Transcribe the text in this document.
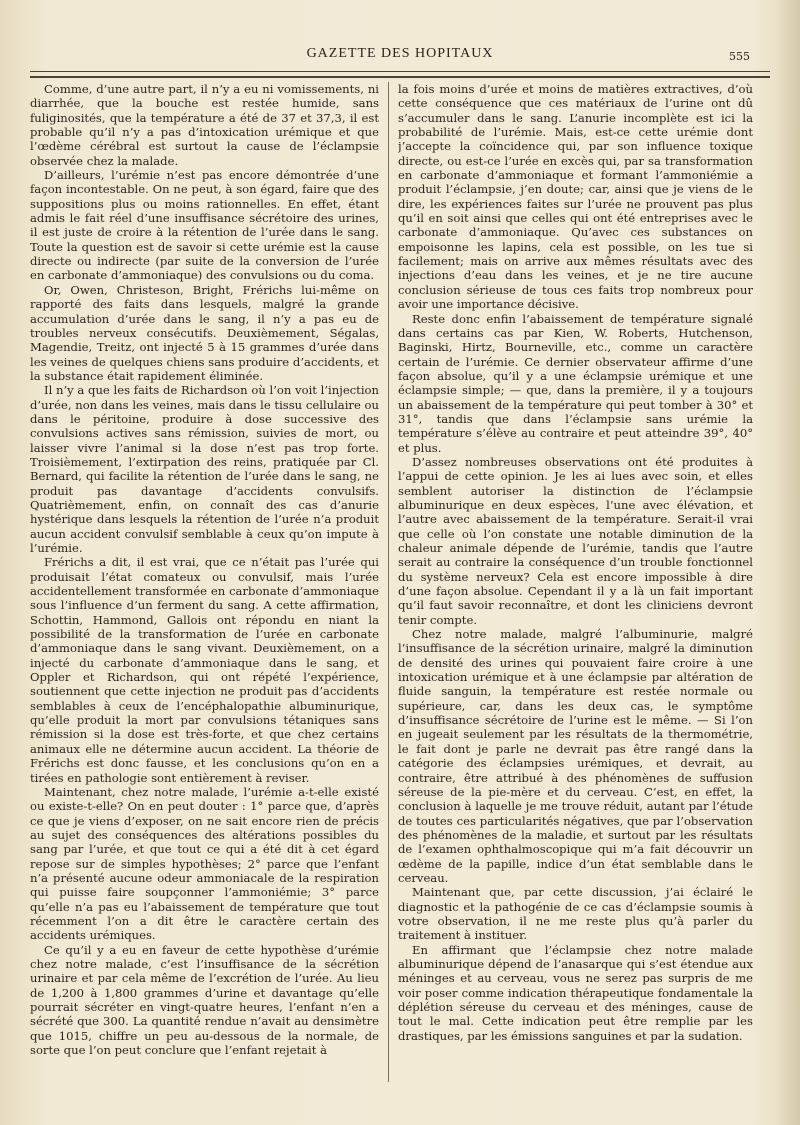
GAZETTE DES HOPITAUX	555

Comme, d’une autre part, il n’y a eu ni vomissements, ni diarrhée, que la bouche est restée humide, sans fuliginosités, que la température a été de 37 et 37,3, il est probable qu’il n’y a pas d’intoxication urémique et que l’œdème cérébral est surtout la cause de l’éclampsie observée chez la malade.

D’ailleurs, l’urémie n’est pas encore démontrée d’une façon incontestable. On ne peut, à son égard, faire que des suppositions plus ou moins rationnelles. En effet, étant admis le fait réel d’une insuffisance sécrétoire des urines, il est juste de croire à la rétention de l’urée dans le sang. Toute la question est de savoir si cette urémie est la cause directe ou indirecte (par suite de la conversion de l’urée en carbonate d’ammoniaque) des convulsions ou du coma.

Or, Owen, Christeson, Bright, Frérichs lui-même on rapporté des faits dans lesquels, malgré la grande accumulation d’urée dans le sang, il n’y a pas eu de troubles nerveux consécutifs. Deuxièmement, Ségalas, Magendie, Treitz, ont injecté 5 à 15 grammes d’urée dans les veines de quelques chiens sans produire d’accidents, et la substance était rapidement éliminée.

Il n’y a que les faits de Richardson où l’on voit l’injection d’urée, non dans les veines, mais dans le tissu cellulaire ou dans le péritoine, produire à dose successive des convulsions actives sans rémission, suivies de mort, ou laisser vivre l’animal si la dose n’est pas trop forte. Troisièmement, l’extirpation des reins, pratiquée par Cl. Bernard, qui facilite la rétention de l’urée dans le sang, ne produit pas davantage d’accidents convulsifs. Quatrièmement, enfin, on connaît des cas d’anurie hystérique dans lesquels la rétention de l’urée n’a produit aucun accident convulsif semblable à ceux qu’on impute à l’urémie.

Frérichs a dit, il est vrai, que ce n’était pas l’urée qui produisait l’état comateux ou convulsif, mais l’urée accidentellement transformée en carbonate d’ammoniaque sous l’influence d’un ferment du sang. A cette affirmation, Schottin, Hammond, Gallois ont répondu en niant la possibilité de la transformation de l’urée en carbonate d’ammoniaque dans le sang vivant. Deuxièmement, on a injecté du carbonate d’ammoniaque dans le sang, et Oppler et Richardson, qui ont répété l’expérience, soutiennent que cette injection ne produit pas d’accidents semblables à ceux de l’encéphalopathie albuminurique, qu’elle produit la mort par convulsions tétaniques sans rémission si la dose est très-forte, et que chez certains animaux elle ne détermine aucun accident. La théorie de Frérichs est donc fausse, et les conclusions qu’on en a tirées en pathologie sont entièrement à reviser.

Maintenant, chez notre malade, l’urémie a-t-elle existé ou existe-t-elle? On en peut douter : 1° parce que, d’après ce que je viens d’exposer, on ne sait encore rien de précis au sujet des conséquences des altérations possibles du sang par l’urée, et que tout ce qui a été dit à cet égard repose sur de simples hypothèses; 2° parce que l’enfant n’a présenté aucune odeur ammoniacale de la respiration qui puisse faire soupçonner l’ammoniémie; 3° parce qu’elle n’a pas eu l’abaissement de température que tout récemment l’on a dit être le caractère certain des accidents urémiques.

Ce qu’il y a eu en faveur de cette hypothèse d’urémie chez notre malade, c’est l’insuffisance de la sécrétion urinaire et par cela même de l’excrétion de l’urée. Au lieu de 1,200 à 1,800 grammes d’urine et davantage qu’elle pourrait sécréter en vingt-quatre heures, l’enfant n’en a sécrété que 300. La quantité rendue n’avait au densimètre que 1015, chiffre un peu au-dessous de la normale, de sorte que l’on peut conclure que l’enfant rejetait à

la fois moins d’urée et moins de matières extractives, d’où cette conséquence que ces matériaux de l’urine ont dû s’accumuler dans le sang. L’anurie incomplète est ici la probabilité de l’urémie. Mais, est-ce cette urémie dont j’accepte la coïncidence qui, par son influence toxique directe, ou est-ce l’urée en excès qui, par sa transformation en carbonate d’ammoniaque et formant l’ammoniémie a produit l’éclampsie, j’en doute; car, ainsi que je viens de le dire, les expériences faites sur l’urée ne prouvent pas plus qu’il en soit ainsi que celles qui ont été entreprises avec le carbonate d’ammoniaque. Qu’avec ces substances on empoisonne les lapins, cela est possible, on les tue si facilement; mais on arrive aux mêmes résultats avec des injections d’eau dans les veines, et je ne tire aucune conclusion sérieuse de tous ces faits trop nombreux pour avoir une importance décisive.

Reste donc enfin l’abaissement de température signalé dans certains cas par Kien, W. Roberts, Hutchenson, Baginski, Hirtz, Bourneville, etc., comme un caractère certain de l’urémie. Ce dernier observateur affirme d’une façon absolue, qu’il y a une éclampsie urémique et une éclampsie simple; — que, dans la première, il y a toujours un abaissement de la température qui peut tomber à 30° et 31°, tandis que dans l’éclampsie sans urémie la température s’élève au contraire et peut atteindre 39°, 40° et plus.

D’assez nombreuses observations ont été produites à l’appui de cette opinion. Je les ai lues avec soin, et elles semblent autoriser la distinction de l’éclampsie albuminurique en deux espèces, l’une avec élévation, et l’autre avec abaissement de la température. Serait-il vrai que celle où l’on constate une notable diminution de la chaleur animale dépende de l’urémie, tandis que l’autre serait au contraire la conséquence d’un trouble fonctionnel du système nerveux? Cela est encore impossible à dire d’une façon absolue. Cependant il y a là un fait important qu’il faut savoir reconnaître, et dont les cliniciens devront tenir compte.

Chez notre malade, malgré l’albuminurie, malgré l’insuffisance de la sécrétion urinaire, malgré la diminution de densité des urines qui pouvaient faire croire à une intoxication urémique et à une éclampsie par altération de fluide sanguin, la température est restée normale ou supérieure, car, dans les deux cas, le symptôme d’insuffisance sécrétoire de l’urine est le même. — Si l’on en jugeait seulement par les résultats de la thermométrie, le fait dont je parle ne devrait pas être rangé dans la catégorie des éclampsies urémiques, et devrait, au contraire, être attribué à des phénomènes de suffusion séreuse de la pie-mère et du cerveau. C’est, en effet, la conclusion à laquelle je me trouve réduit, autant par l’étude de toutes ces particularités négatives, que par l’observation des phénomènes de la maladie, et surtout par les résultats de l’examen ophthalmoscopique qui m’a fait découvrir un œdème de la papille, indice d’un état semblable dans le cerveau.

Maintenant que, par cette discussion, j’ai éclairé le diagnostic et la pathogénie de ce cas d’éclampsie soumis à votre observation, il ne me reste plus qu’à parler du traitement à instituer.

En affirmant que l’éclampsie chez notre malade albuminurique dépend de l’anasarque qui s’est étendue aux méninges et au cerveau, vous ne serez pas surpris de me voir poser comme indication thérapeutique fondamentale la déplétion séreuse du cerveau et des méninges, cause de tout le mal. Cette indication peut être remplie par les drastiques, par les émissions sanguines et par la sudation.
